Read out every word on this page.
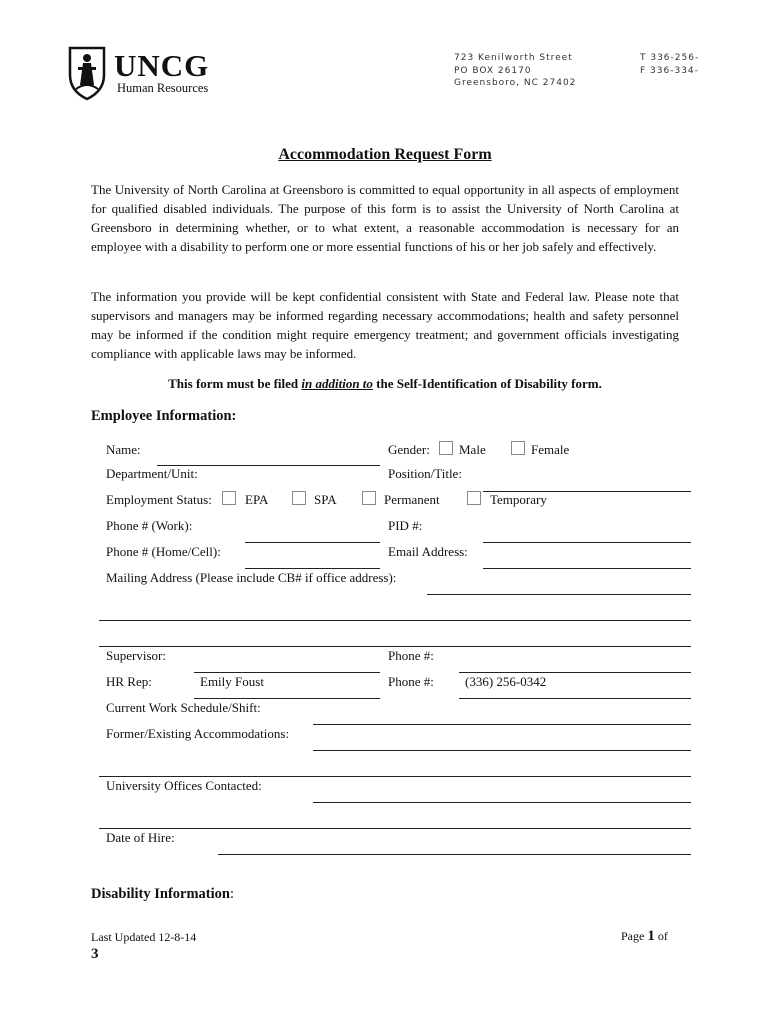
UNCG
Human Resources
723 Kenilworth Street
PO BOX 26170
Greensboro, NC 27402
T 336-256-
F 336-334-
Accommodation Request Form
The University of North Carolina at Greensboro is committed to equal opportunity in all aspects of employment for qualified disabled individuals. The purpose of this form is to assist the University of North Carolina at Greensboro in determining whether, or to what extent, a reasonable accommodation is necessary for an employee with a disability to perform one or more essential functions of his or her job safely and effectively.
The information you provide will be kept confidential consistent with State and Federal law. Please note that supervisors and managers may be informed regarding necessary accommodations; health and safety personnel may be informed if the condition might require emergency treatment; and government officials investigating compliance with applicable laws may be informed.
This form must be filed in addition to the Self-Identification of Disability form.
Employee Information:
Name:	Gender: Male	Female
Department/Unit:	Position/Title:
Employment Status:	EPA	SPA	Permanent	Temporary
Phone # (Work):	PID #:
Phone # (Home/Cell):	Email Address:
Mailing Address (Please include CB# if office address):
Supervisor:	Phone #:
HR Rep:	Emily Foust	Phone #: (336) 256-0342
Current Work Schedule/Shift:
Former/Existing Accommodations:
University Offices Contacted:
Date of Hire:
Disability Information:
Last Updated 12-8-14
3
Page 1 of
